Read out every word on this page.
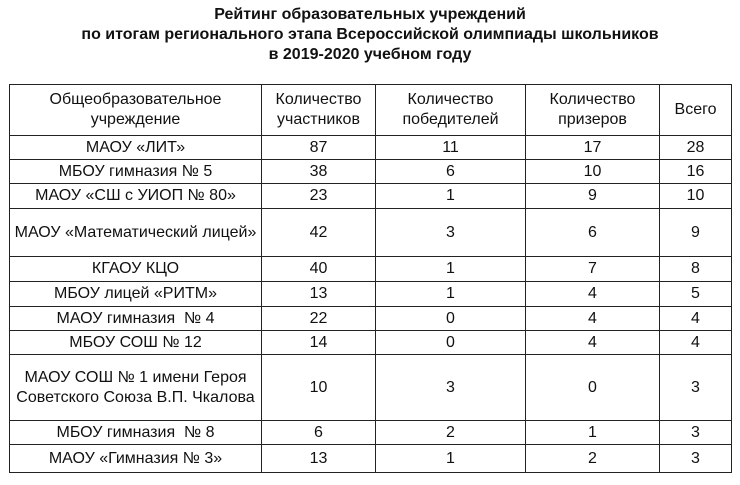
Рейтинг образовательных учреждений
по итогам регионального этапа Всероссийской олимпиады школьников
в 2019-2020 учебном году
Общеобразовательное учреждение	Количество участников	Количество победителей	Количество призеров	Всего
МАОУ «ЛИТ»	87	11	17	28
МБОУ гимназия № 5	38	6	10	16
МАОУ «СШ с УИОП № 80»	23	1	9	10
МАОУ «Математический лицей»	42	3	6	9
КГАОУ КЦО	40	1	7	8
МБОУ лицей «РИТМ»	13	1	4	5
МАОУ гимназия  № 4	22	0	4	4
МБОУ СОШ № 12	14	0	4	4
МАОУ СОШ № 1 имени Героя Советского Союза В.П. Чкалова	10	3	0	3
МБОУ гимназия  № 8	6	2	1	3
МАОУ «Гимназия № 3»	13	1	2	3
